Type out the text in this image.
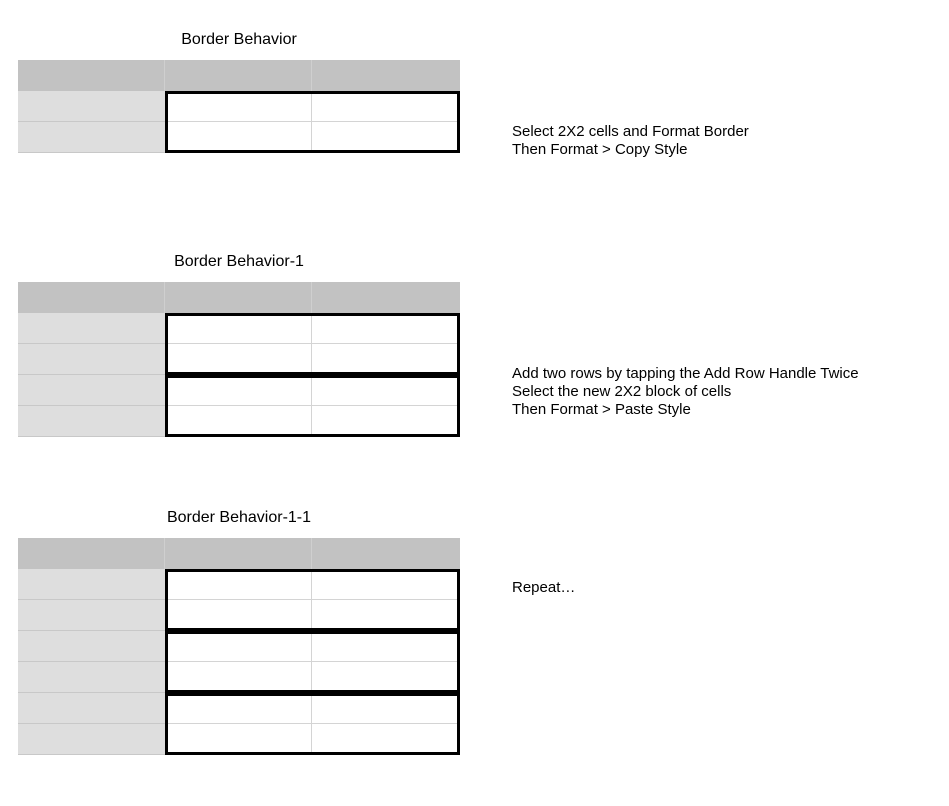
Border Behavior
Select 2X2 cells and Format Border
Then Format > Copy Style
Border Behavior-1
Add two rows by tapping the Add Row Handle Twice
Select the new 2X2 block of cells
Then Format > Paste Style
Border Behavior-1-1
Repeat…
